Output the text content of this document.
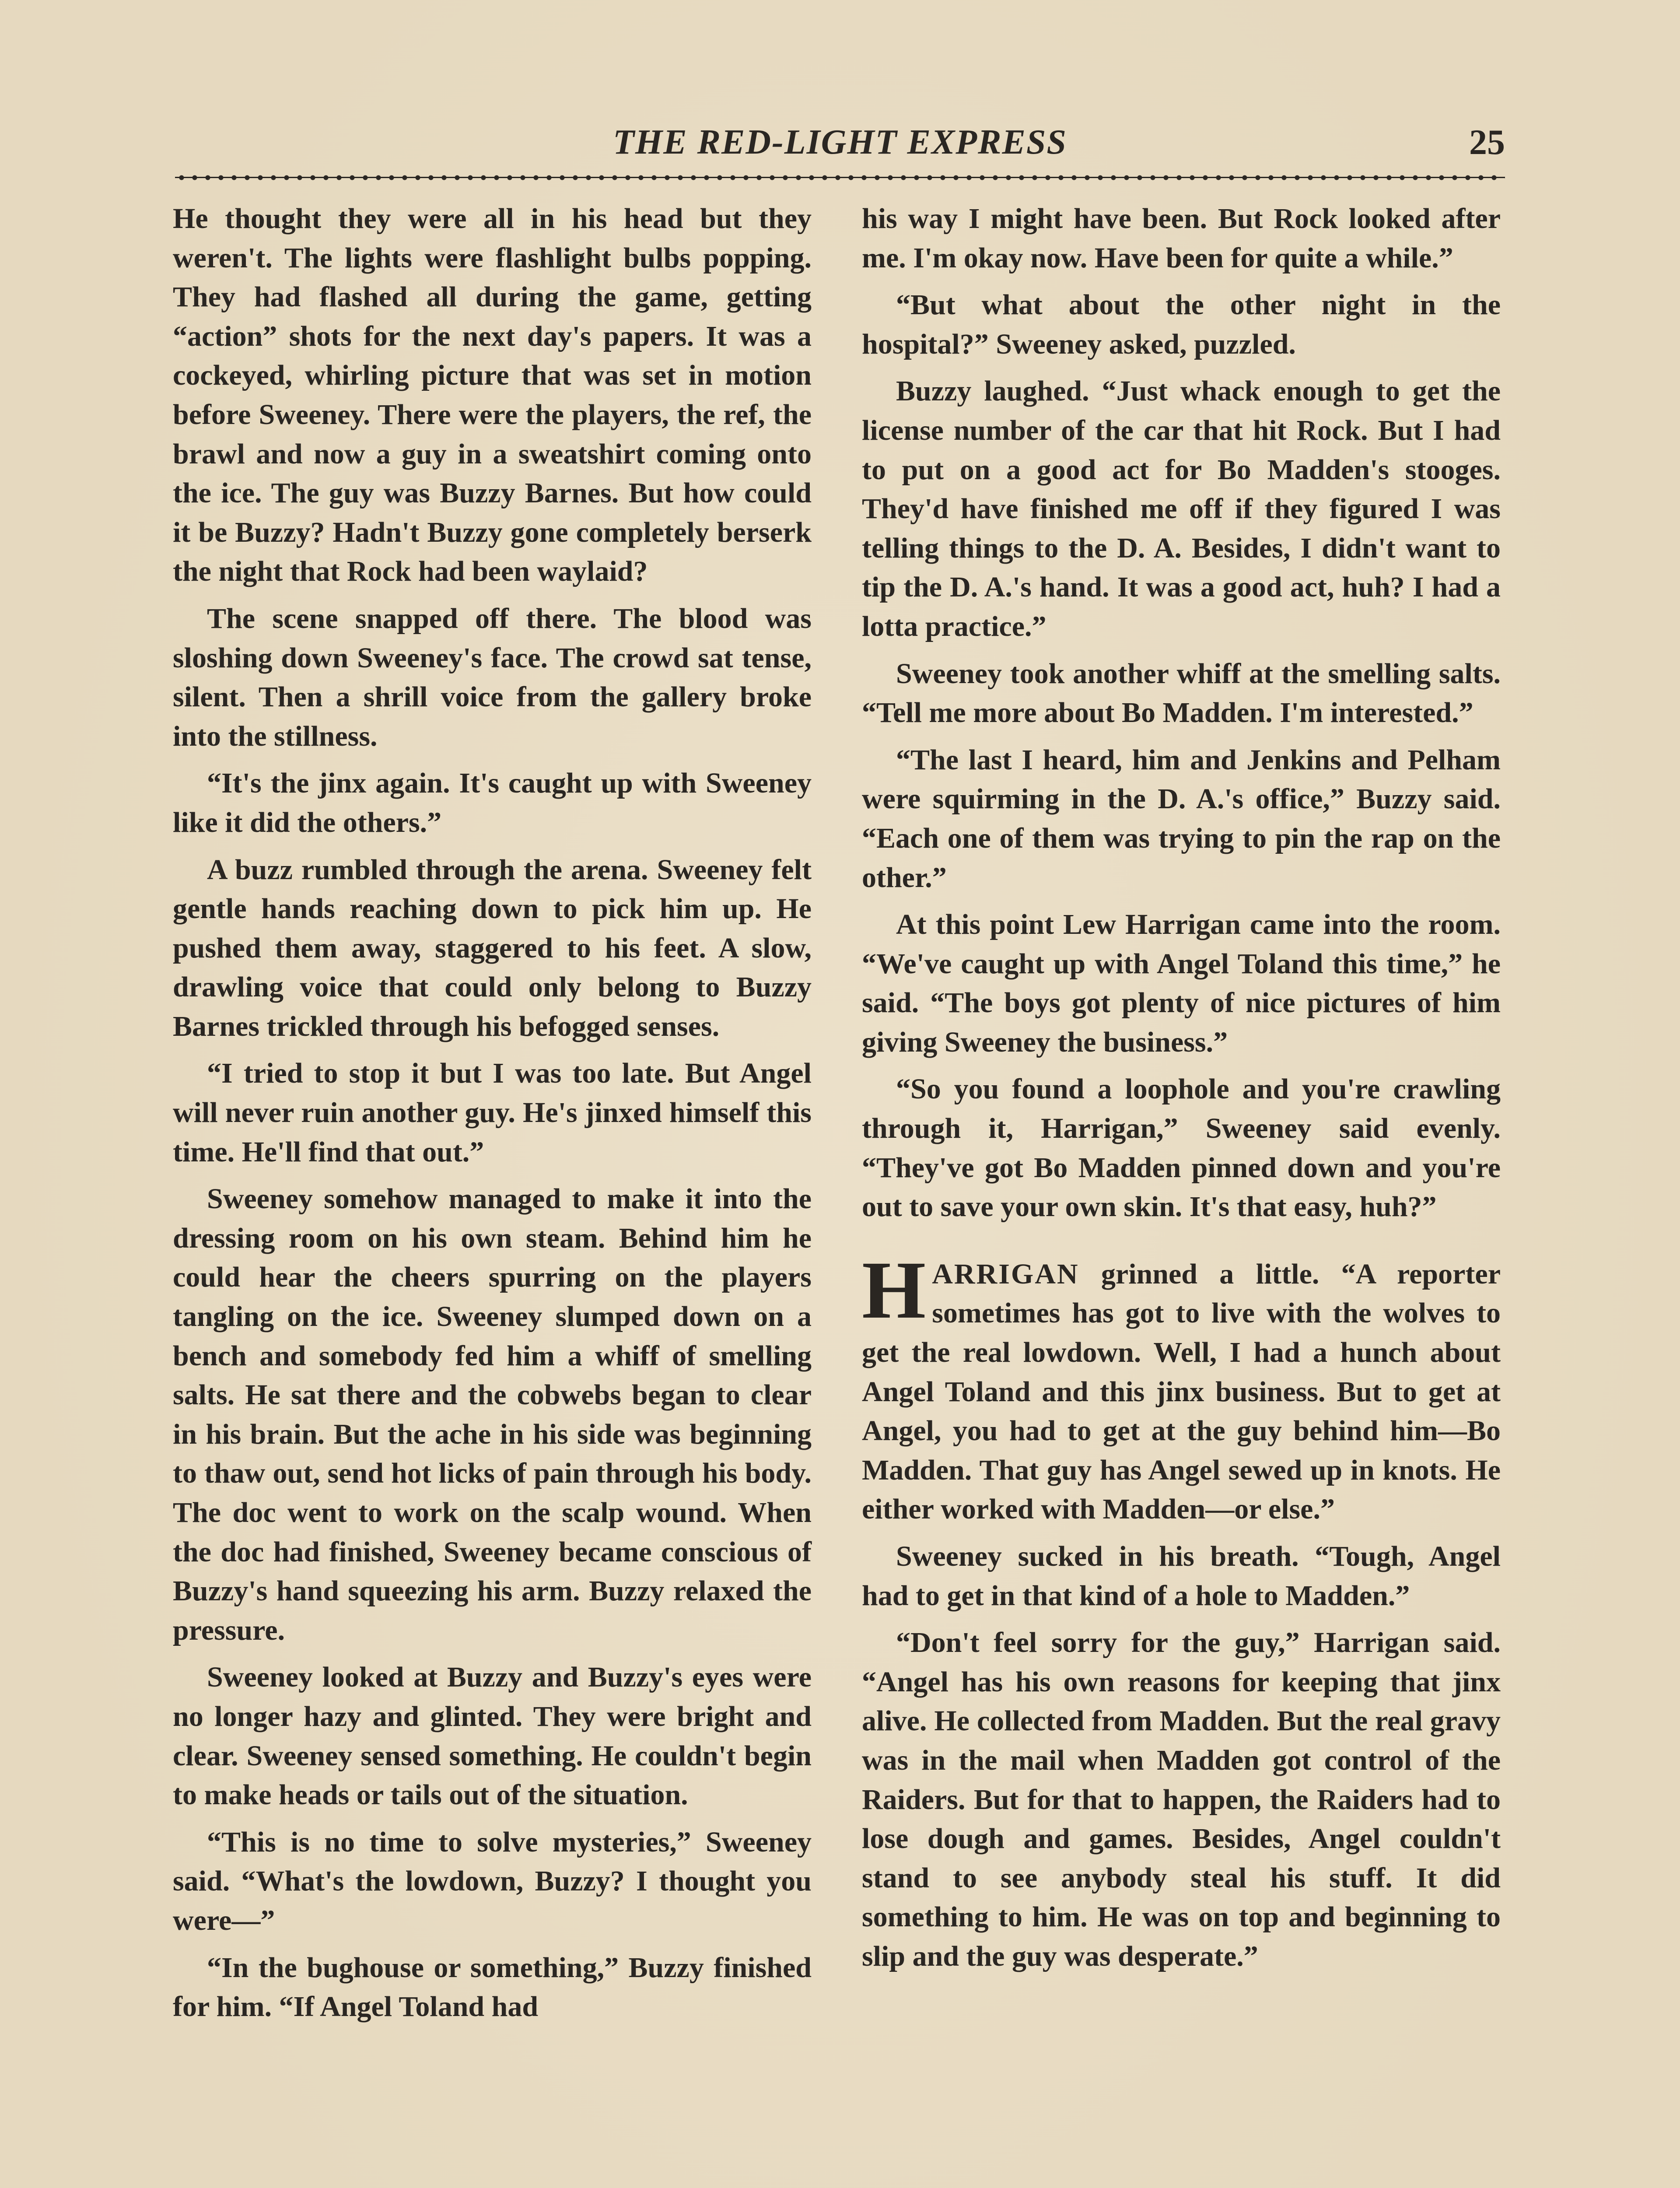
THE RED-LIGHT EXPRESS	25

He thought they were all in his head but they weren't. The lights were flashlight bulbs popping. They had flashed all during the game, getting “action” shots for the next day's papers. It was a cockeyed, whirling picture that was set in motion before Sweeney. There were the players, the ref, the brawl and now a guy in a sweatshirt coming onto the ice. The guy was Buzzy Barnes. But how could it be Buzzy? Hadn't Buzzy gone completely berserk the night that Rock had been waylaid?

The scene snapped off there. The blood was sloshing down Sweeney's face. The crowd sat tense, silent. Then a shrill voice from the gallery broke into the stillness.

“It's the jinx again. It's caught up with Sweeney like it did the others.”

A buzz rumbled through the arena. Sweeney felt gentle hands reaching down to pick him up. He pushed them away, staggered to his feet. A slow, drawling voice that could only belong to Buzzy Barnes trickled through his befogged senses.

“I tried to stop it but I was too late. But Angel will never ruin another guy. He's jinxed himself this time. He'll find that out.”

Sweeney somehow managed to make it into the dressing room on his own steam. Behind him he could hear the cheers spurring on the players tangling on the ice. Sweeney slumped down on a bench and somebody fed him a whiff of smelling salts. He sat there and the cobwebs began to clear in his brain. But the ache in his side was beginning to thaw out, send hot licks of pain through his body. The doc went to work on the scalp wound. When the doc had finished, Sweeney became conscious of Buzzy's hand squeezing his arm. Buzzy relaxed the pressure.

Sweeney looked at Buzzy and Buzzy's eyes were no longer hazy and glinted. They were bright and clear. Sweeney sensed something. He couldn't begin to make heads or tails out of the situation.

“This is no time to solve mysteries,” Sweeney said. “What's the lowdown, Buzzy? I thought you were—”

“In the bughouse or something,” Buzzy finished for him. “If Angel Toland had

his way I might have been. But Rock looked after me. I'm okay now. Have been for quite a while.”

“But what about the other night in the hospital?” Sweeney asked, puzzled.

Buzzy laughed. “Just whack enough to get the license number of the car that hit Rock. But I had to put on a good act for Bo Madden's stooges. They'd have finished me off if they figured I was telling things to the D. A. Besides, I didn't want to tip the D. A.'s hand. It was a good act, huh? I had a lotta practice.”

Sweeney took another whiff at the smelling salts. “Tell me more about Bo Madden. I'm interested.”

“The last I heard, him and Jenkins and Pelham were squirming in the D. A.'s office,” Buzzy said. “Each one of them was trying to pin the rap on the other.”

At this point Lew Harrigan came into the room. “We've caught up with Angel Toland this time,” he said. “The boys got plenty of nice pictures of him giving Sweeney the business.”

“So you found a loophole and you're crawling through it, Harrigan,” Sweeney said evenly. “They've got Bo Madden pinned down and you're out to save your own skin. It's that easy, huh?”

HARRIGAN grinned a little. “A reporter sometimes has got to live with the wolves to get the real lowdown. Well, I had a hunch about Angel Toland and this jinx business. But to get at Angel, you had to get at the guy behind him—Bo Madden. That guy has Angel sewed up in knots. He either worked with Madden—or else.”

Sweeney sucked in his breath. “Tough, Angel had to get in that kind of a hole to Madden.”

“Don't feel sorry for the guy,” Harrigan said. “Angel has his own reasons for keeping that jinx alive. He collected from Madden. But the real gravy was in the mail when Madden got control of the Raiders. But for that to happen, the Raiders had to lose dough and games. Besides, Angel couldn't stand to see anybody steal his stuff. It did something to him. He was on top and beginning to slip and the guy was desperate.”
